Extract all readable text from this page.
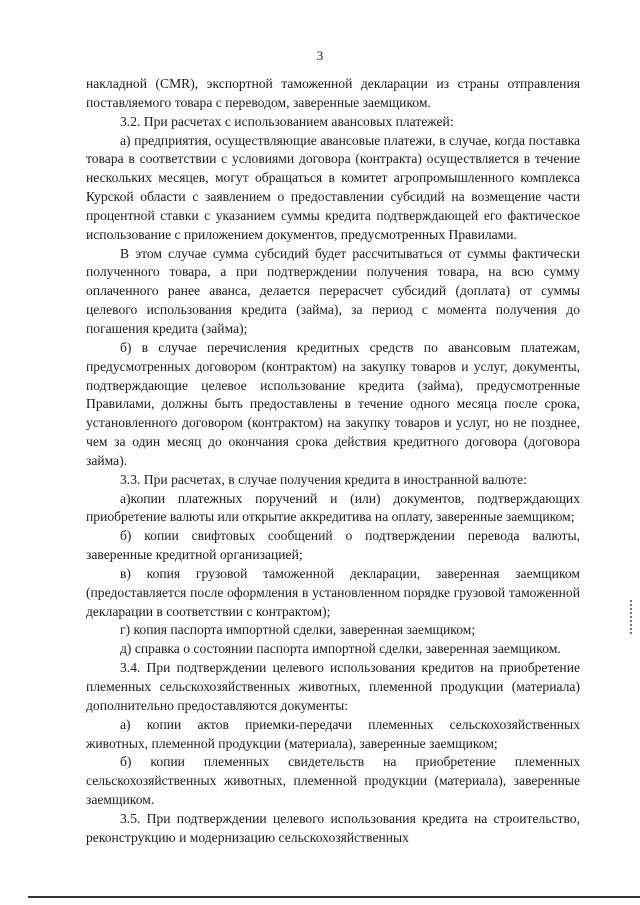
3

накладной (CMR), экспортной таможенной декларации из страны отправления поставляемого товара с переводом, заверенные заемщиком.

3.2. При расчетах с использованием авансовых платежей:

а) предприятия, осуществляющие авансовые платежи, в случае, когда поставка товара в соответствии с условиями договора (контракта) осуществляется в течение нескольких месяцев, могут обращаться в комитет агропромышленного комплекса Курской области с заявлением о предоставлении субсидий на возмещение части процентной ставки с указанием суммы кредита подтверждающей его фактическое использование с приложением документов, предусмотренных Правилами.

В этом случае сумма субсидий будет рассчитываться от суммы фактически полученного товара, а при подтверждении получения товара, на всю сумму оплаченного ранее аванса, делается перерасчет субсидий (доплата) от суммы целевого использования кредита (займа), за период с момента получения до погашения кредита (займа);

б) в случае перечисления кредитных средств по авансовым платежам, предусмотренных договором (контрактом) на закупку товаров и услуг, документы, подтверждающие целевое использование кредита (займа), предусмотренные Правилами, должны быть предоставлены в течение одного месяца после срока, установленного договором (контрактом) на закупку товаров и услуг, но не позднее, чем за один месяц до окончания срока действия кредитного договора (договора займа).

3.3. При расчетах, в случае получения кредита в иностранной валюте:

а)копии платежных поручений и (или) документов, подтверждающих приобретение валюты или открытие аккредитива на оплату, заверенные заемщиком;

б) копии свифтовых сообщений о подтверждении перевода валюты, заверенные кредитной организацией;

в) копия грузовой таможенной декларации, заверенная заемщиком (предоставляется после оформления в установленном порядке грузовой таможенной декларации в соответствии с контрактом);

г) копия паспорта импортной сделки, заверенная заемщиком;

д) справка о состоянии паспорта импортной сделки, заверенная заемщиком.

3.4. При подтверждении целевого использования кредитов на приобретение племенных сельскохозяйственных животных, племенной продукции (материала) дополнительно предоставляются документы:

а) копии актов приемки-передачи племенных сельскохозяйственных животных, племенной продукции (материала), заверенные заемщиком;

б) копии племенных свидетельств на приобретение племенных сельскохозяйственных животных, племенной продукции (материала), заверенные заемщиком.

3.5. При подтверждении целевого использования кредита на строительство, реконструкцию и модернизацию сельскохозяйственных
